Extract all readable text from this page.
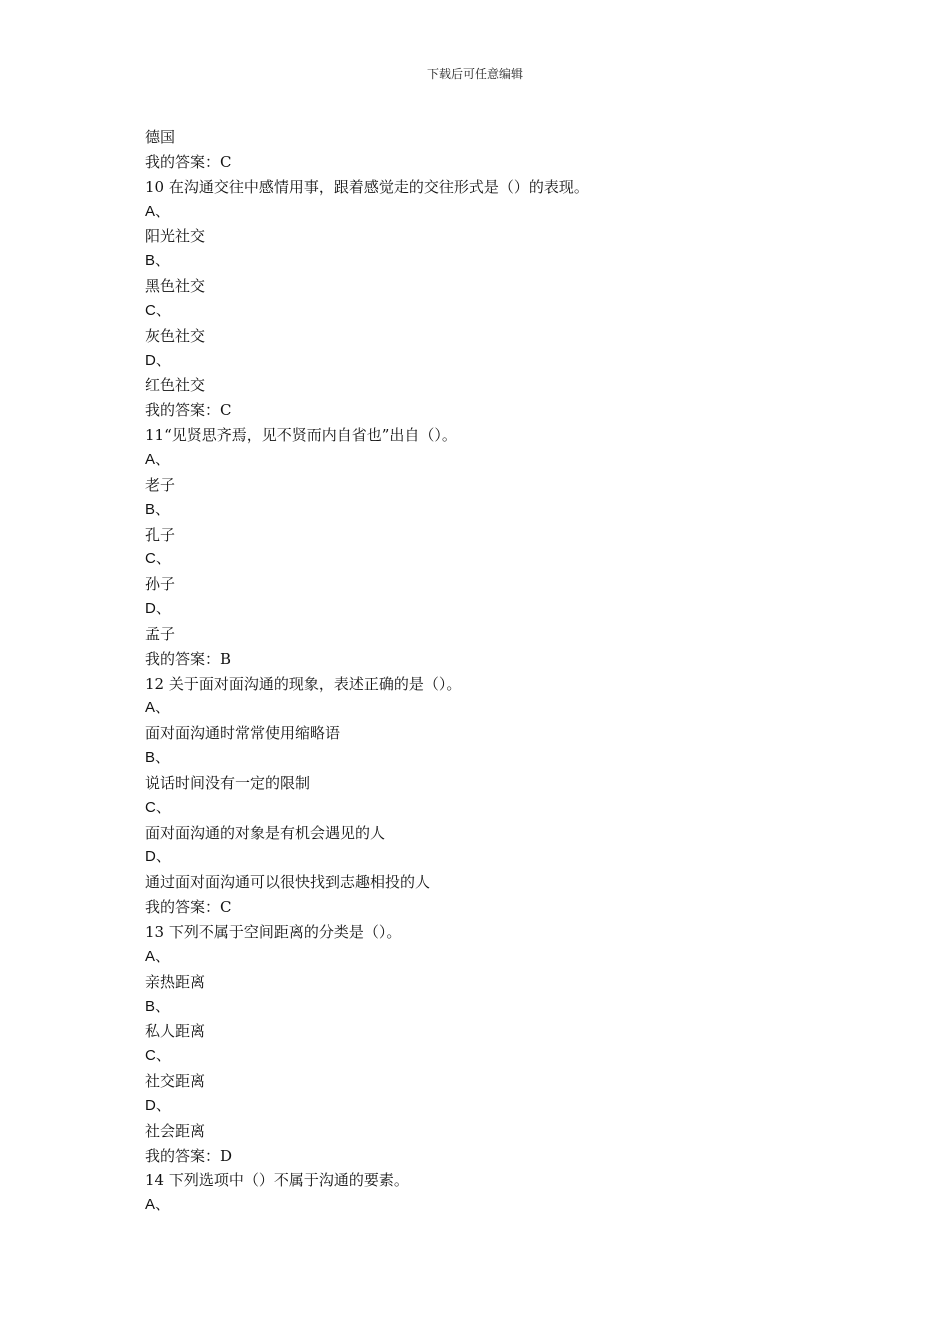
下载后可任意编辑
德国
我的答案：C
10 在沟通交往中感情用事，跟着感觉走的交往形式是（）的表现。
A、
阳光社交
B、
黑色社交
C、
灰色社交
D、
红色社交
我的答案：C
11“见贤思齐焉，见不贤而内自省也”出自（）。
A、
老子
B、
孔子
C、
孙子
D、
孟子
我的答案：B
12 关于面对面沟通的现象，表述正确的是（）。
A、
面对面沟通时常常使用缩略语
B、
说话时间没有一定的限制
C、
面对面沟通的对象是有机会遇见的人
D、
通过面对面沟通可以很快找到志趣相投的人
我的答案：C
13 下列不属于空间距离的分类是（）。
A、
亲热距离
B、
私人距离
C、
社交距离
D、
社会距离
我的答案：D
14 下列选项中（）不属于沟通的要素。
A、
